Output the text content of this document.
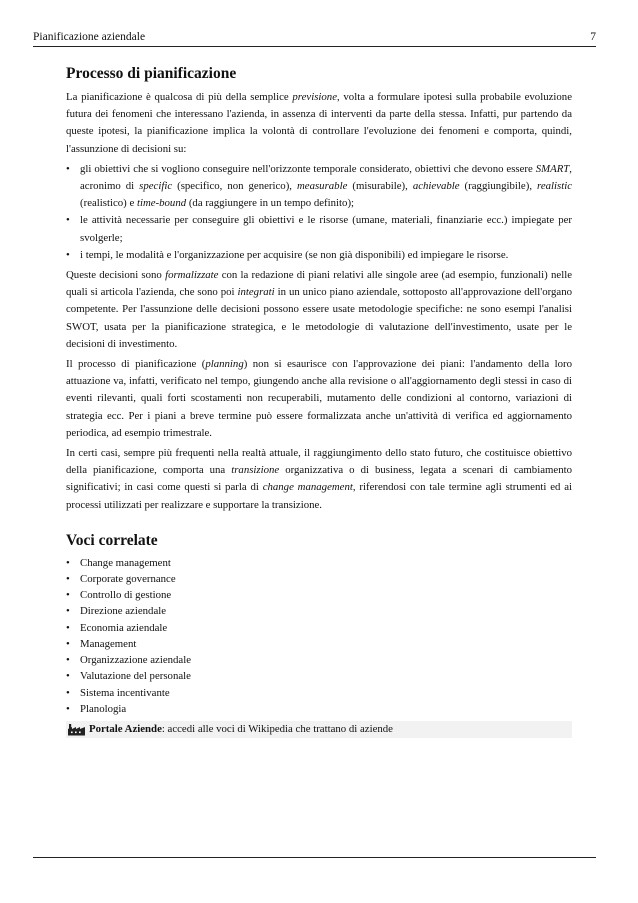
Pianificazione aziendale	7
Processo di pianificazione

La pianificazione è qualcosa di più della semplice previsione, volta a formulare ipotesi sulla probabile evoluzione futura dei fenomeni che interessano l'azienda, in assenza di interventi da parte della stessa. Infatti, pur partendo da queste ipotesi, la pianificazione implica la volontà di controllare l'evoluzione dei fenomeni e comporta, quindi, l'assunzione di decisioni su:

• gli obiettivi che si vogliono conseguire nell'orizzonte temporale considerato, obiettivi che devono essere SMART, acronimo di specific (specifico, non generico), measurable (misurabile), achievable (raggiungibile), realistic (realistico) e time-bound (da raggiungere in un tempo definito);
• le attività necessarie per conseguire gli obiettivi e le risorse (umane, materiali, finanziarie ecc.) impiegate per svolgerle;
• i tempi, le modalità e l'organizzazione per acquisire (se non già disponibili) ed impiegare le risorse.

Queste decisioni sono formalizzate con la redazione di piani relativi alle singole aree (ad esempio, funzionali) nelle quali si articola l'azienda, che sono poi integrati in un unico piano aziendale, sottoposto all'approvazione dell'organo competente. Per l'assunzione delle decisioni possono essere usate metodologie specifiche: ne sono esempi l'analisi SWOT, usata per la pianificazione strategica, e le metodologie di valutazione dell'investimento, usate per le decisioni di investimento.

Il processo di pianificazione (planning) non si esaurisce con l'approvazione dei piani: l'andamento della loro attuazione va, infatti, verificato nel tempo, giungendo anche alla revisione o all'aggiornamento degli stessi in caso di eventi rilevanti, quali forti scostamenti non recuperabili, mutamento delle condizioni al contorno, variazioni di strategia ecc. Per i piani a breve termine può essere formalizzata anche un'attività di verifica ed aggiornamento periodica, ad esempio trimestrale.

In certi casi, sempre più frequenti nella realtà attuale, il raggiungimento dello stato futuro, che costituisce obiettivo della pianificazione, comporta una transizione organizzativa o di business, legata a scenari di cambiamento significativi; in casi come questi si parla di change management, riferendosi con tale termine agli strumenti ed ai processi utilizzati per realizzare e supportare la transizione.

Voci correlate
• Change management
• Corporate governance
• Controllo di gestione
• Direzione aziendale
• Economia aziendale
• Management
• Organizzazione aziendale
• Valutazione del personale
• Sistema incentivante
• Planologia
Portale Aziende: accedi alle voci di Wikipedia che trattano di aziende
